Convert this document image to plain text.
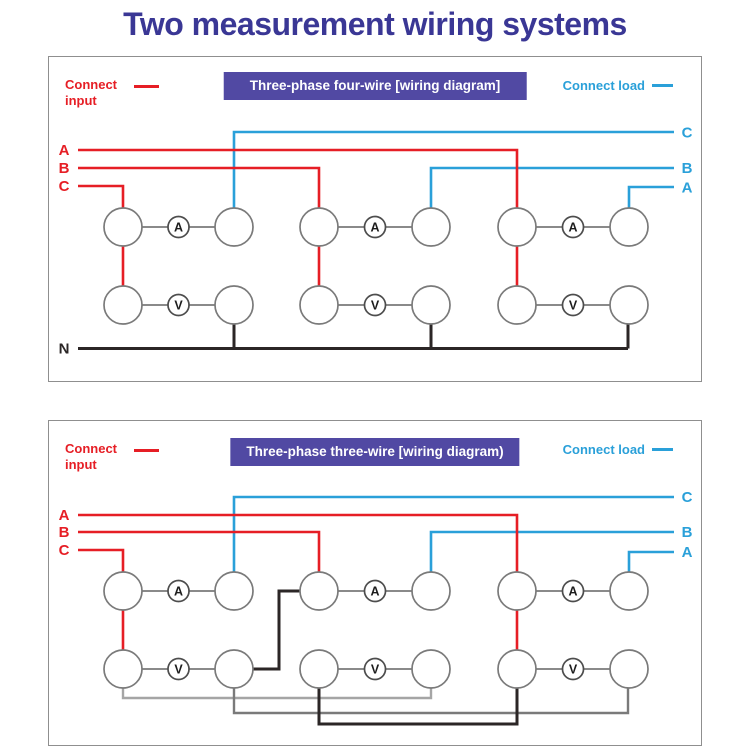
Two measurement wiring systems
Connect input
Three-phase four-wire [wiring diagram]	Connect load
A	A	A
V	V	V
A
B
C
C
B
A
N
Connect input
Three-phase three-wire [wiring diagram)	Connect load
A	A	A
V	V	V
A
B
C
C
B
A
